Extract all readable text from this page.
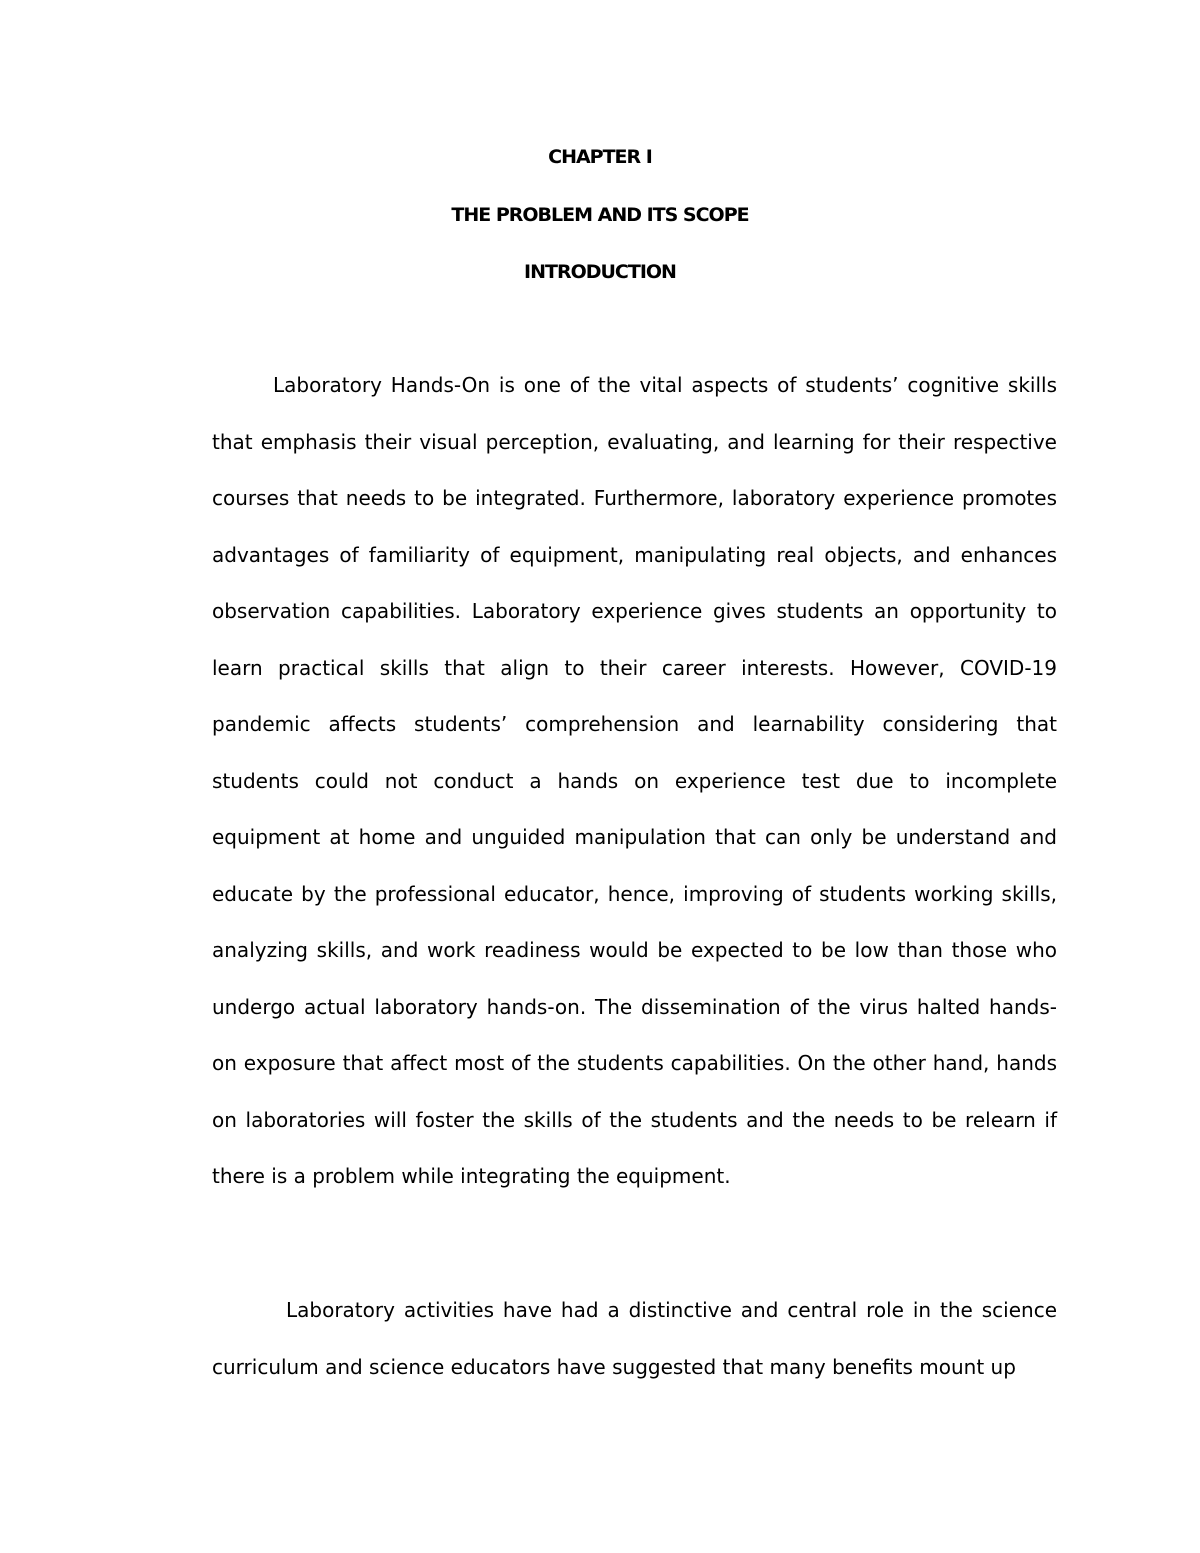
CHAPTER I
THE PROBLEM AND ITS SCOPE
INTRODUCTION

Laboratory Hands-On is one of the vital aspects of students’ cognitive skills that emphasis their visual perception, evaluating, and learning for their respective courses that needs to be integrated. Furthermore, laboratory experience promotes advantages of familiarity of equipment, manipulating real objects, and enhances observation capabilities. Laboratory experience gives students an opportunity to learn practical skills that align to their career interests. However, COVID-19 pandemic affects students’ comprehension and learnability considering that students could not conduct a hands on experience test due to incomplete equipment at home and unguided manipulation that can only be understand and educate by the professional educator, hence, improving of students working skills, analyzing skills, and work readiness would be expected to be low than those who undergo actual laboratory hands-on. The dissemination of the virus halted hands-on exposure that affect most of the students capabilities. On the other hand, hands on laboratories will foster the skills of the students and the needs to be relearn if there is a problem while integrating the equipment.

Laboratory activities have had a distinctive and central role in the science curriculum and science educators have suggested that many benefits mount up
